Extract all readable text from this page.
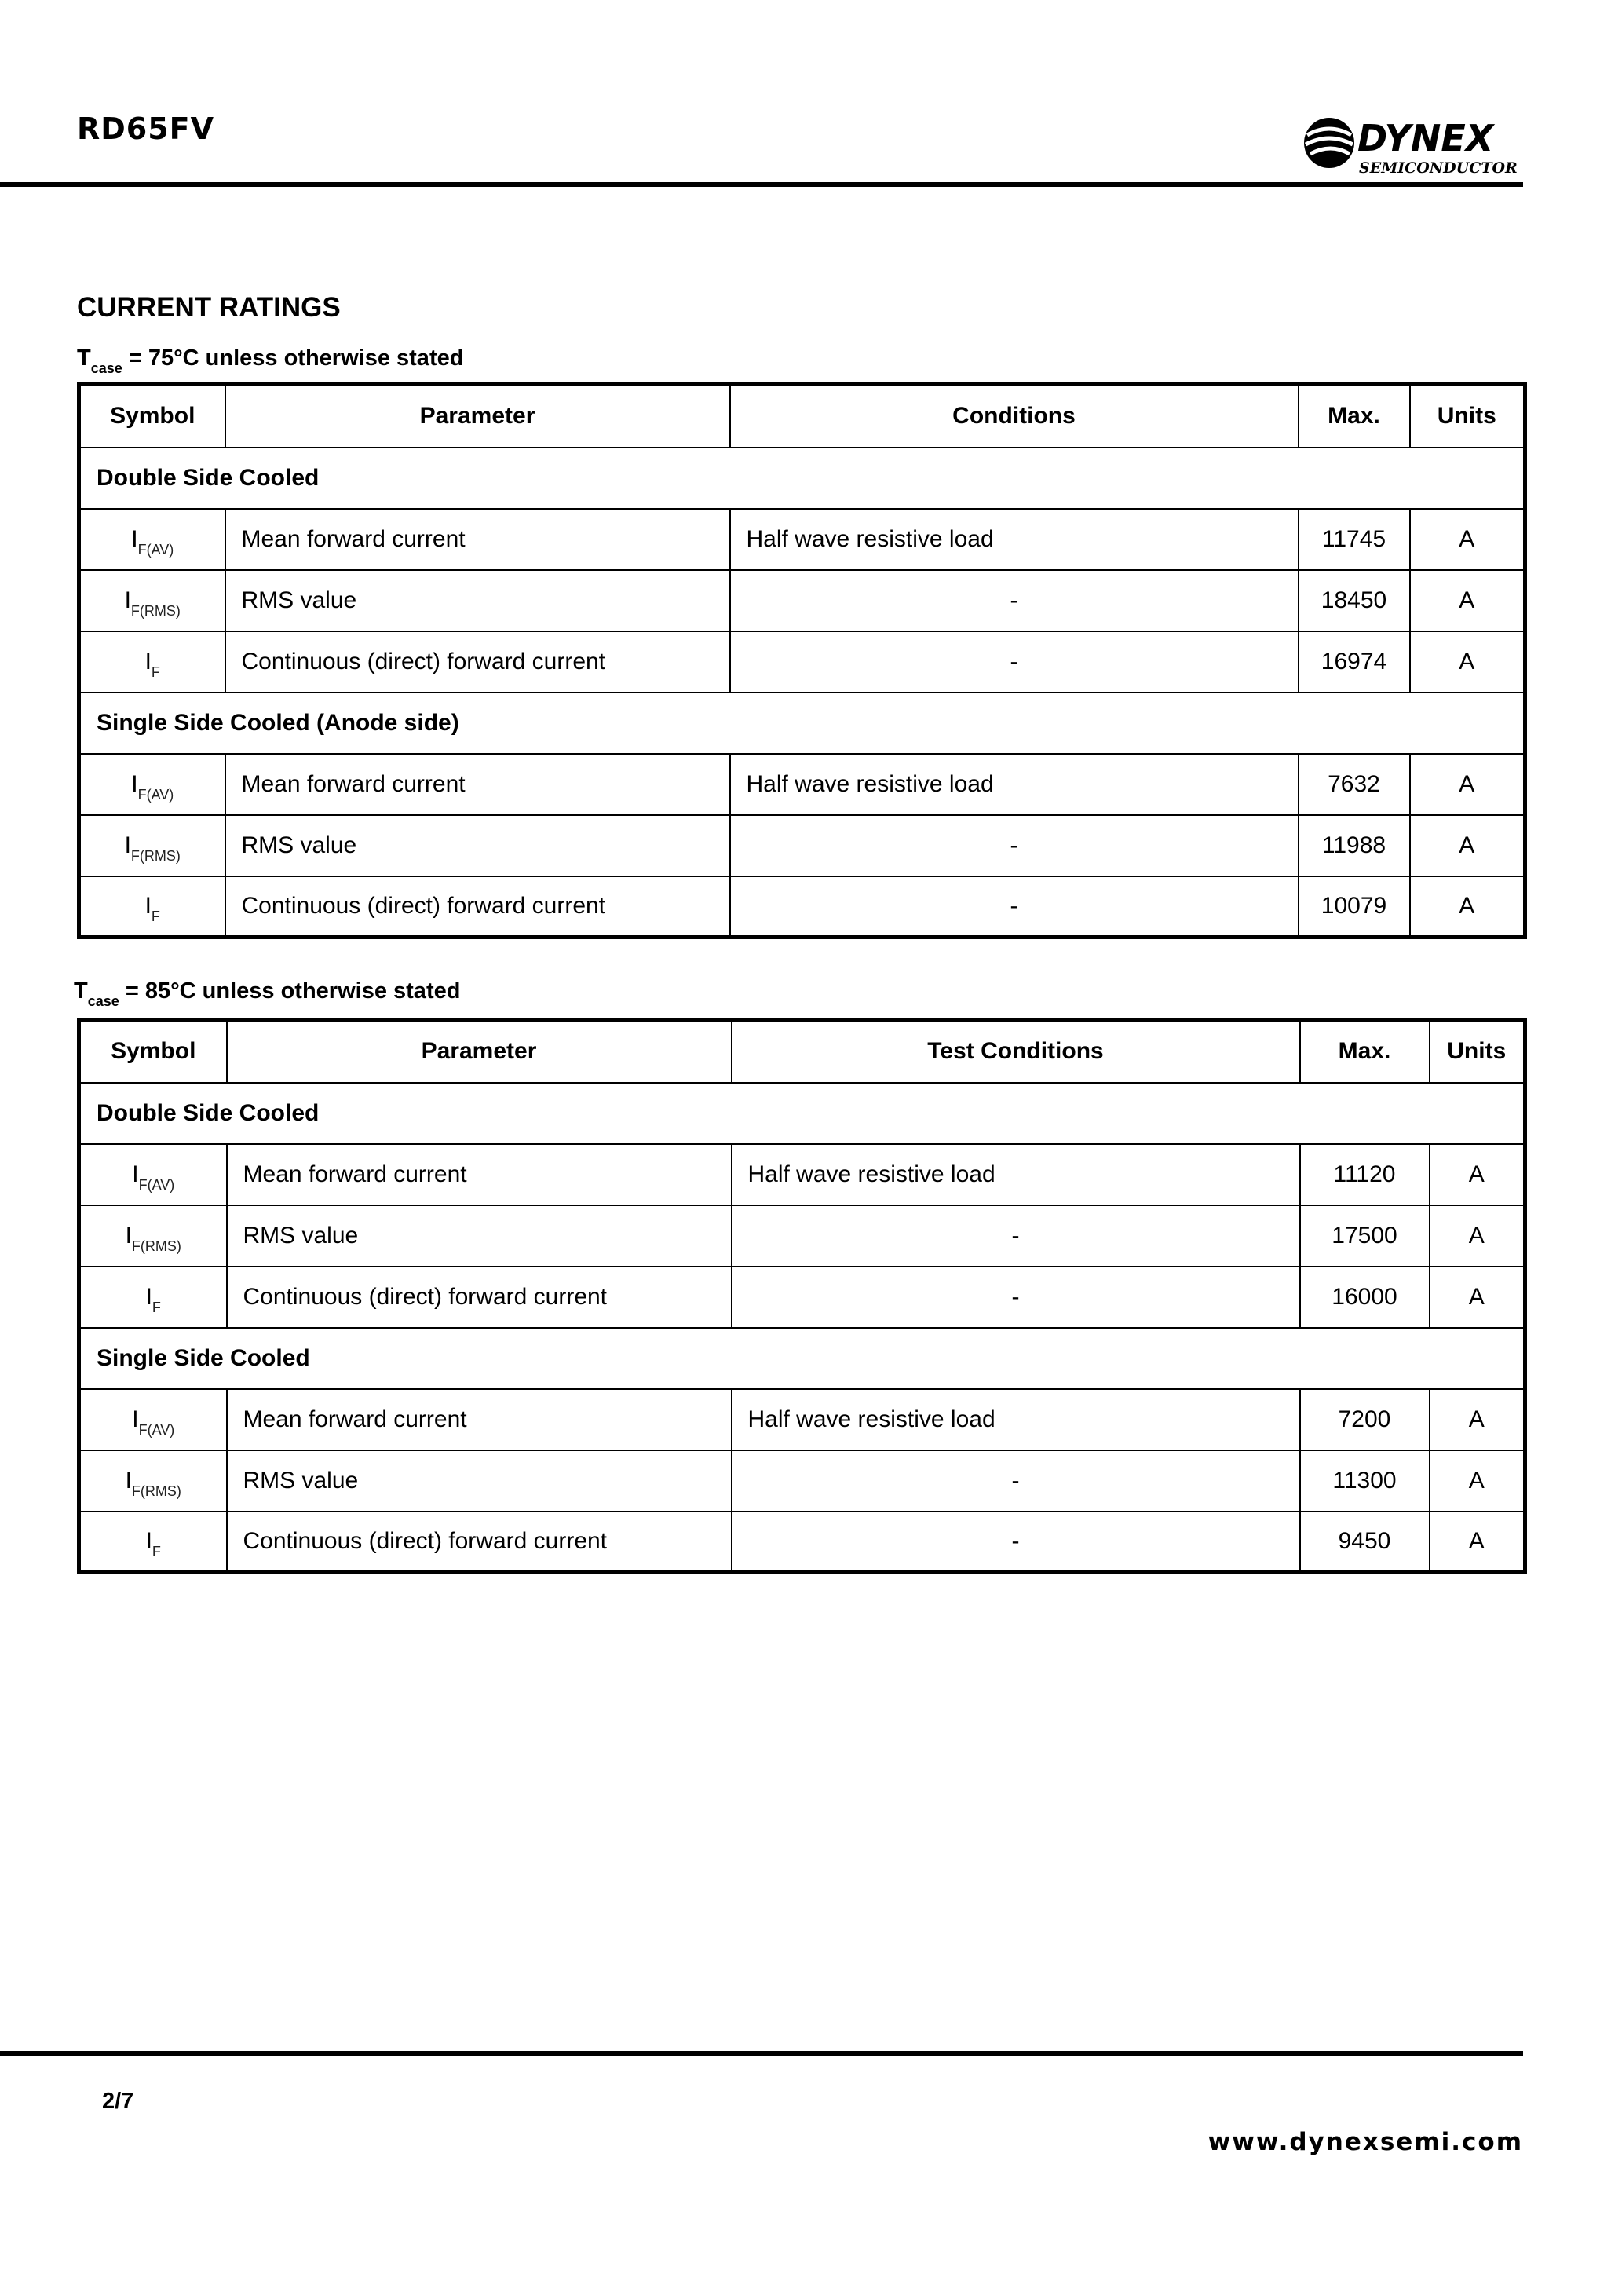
RD65FV	DYNEX
SEMICONDUCTOR
CURRENT RATINGS
$T_{case} = 75^\circ C$ unless otherwise stated
Symbol	Parameter	Conditions	Max.	Units
Double Side Cooled				
$I_{F(AV)}$	Mean forward current	Half wave resistive load	11745	A
$I_{F(RMS)}$	RMS value	-	18450	A
$I_F$	Continuous (direct) forward current	-	16974	A
Single Side Cooled (Anode side)				
$I_{F(AV)}$	Mean forward current	Half wave resistive load	7632	A
$I_{F(RMS)}$	RMS value	-	11988	A
$I_F$	Continuous (direct) forward current	-	10079	A
$T_{case} = 85^\circ C$ unless otherwise stated
Symbol	Parameter	Test Conditions	Max.	Units
Double Side Cooled				
$I_{F(AV)}$	Mean forward current	Half wave resistive load	11120	A
$I_{F(RMS)}$	RMS value	-	17500	A
$I_F$	Continuous (direct) forward current	-	16000	A
Single Side Cooled				
$I_{F(AV)}$	Mean forward current	Half wave resistive load	7200	A
$I_{F(RMS)}$	RMS value	-	11300	A
$I_F$	Continuous (direct) forward current	-	9450	A
2/7
www.dynexsemi.com
